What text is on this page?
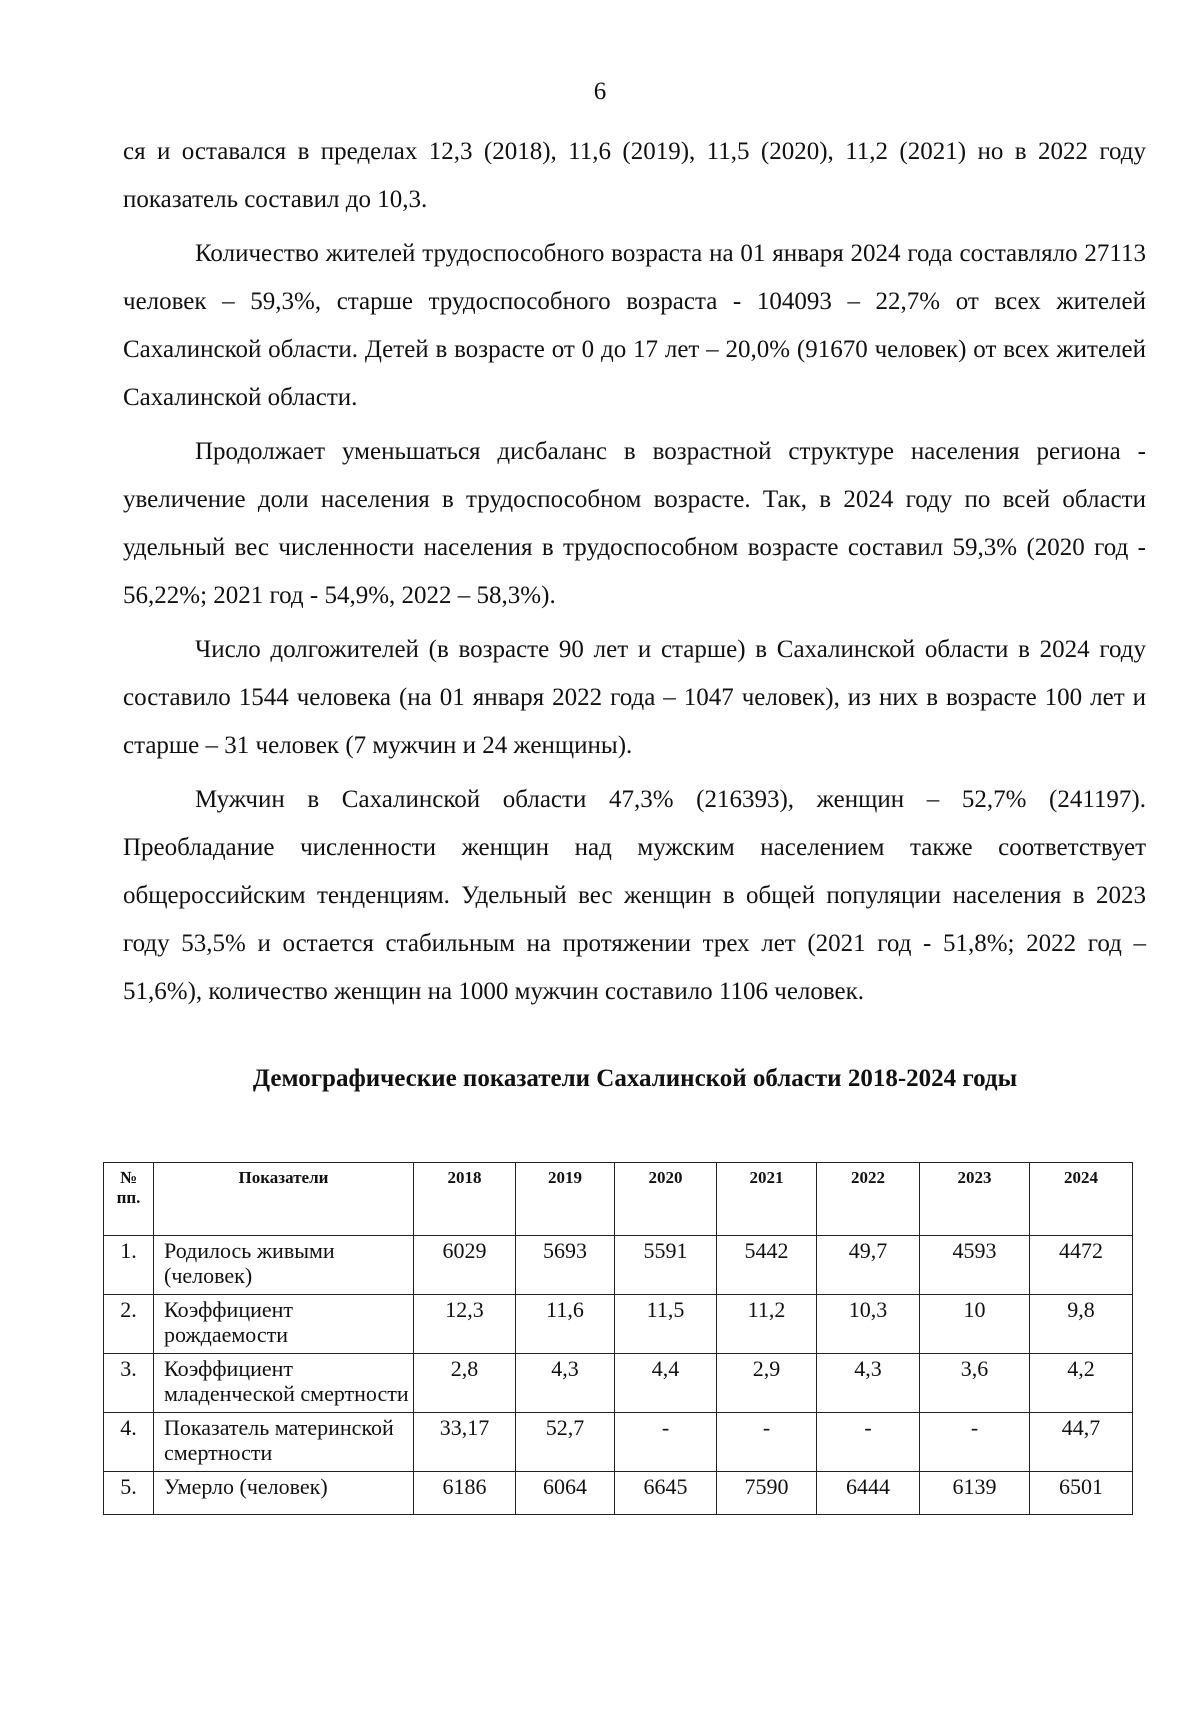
6

ся и оставался в пределах 12,3 (2018), 11,6 (2019), 11,5 (2020), 11,2 (2021) но в 2022 году показатель составил до 10,3.

Количество жителей трудоспособного возраста на 01 января 2024 года составляло 27113 человек – 59,3%, старше трудоспособного возраста - 104093 – 22,7% от всех жителей Сахалинской области. Детей в возрасте от 0 до 17 лет – 20,0% (91670 человек) от всех жителей Сахалинской области.

Продолжает уменьшаться дисбаланс в возрастной структуре населения региона - увеличение доли населения в трудоспособном возрасте. Так, в 2024 году по всей области удельный вес численности населения в трудоспособном возрасте составил 59,3% (2020 год - 56,22%; 2021 год - 54,9%, 2022 – 58,3%).

Число долгожителей (в возрасте 90 лет и старше) в Сахалинской области в 2024 году составило 1544 человека (на 01 января 2022 года – 1047 человек), из них в возрасте 100 лет и старше – 31 человек (7 мужчин и 24 женщины).

Мужчин в Сахалинской области 47,3% (216393), женщин – 52,7% (241197). Преобладание численности женщин над мужским населением также соответствует общероссийским тенденциям. Удельный вес женщин в общей популяции населения в 2023 году 53,5% и остается стабильным на протяжении трех лет (2021 год - 51,8%; 2022 год – 51,6%), количество женщин на 1000 мужчин составило 1106 человек.

Демографические показатели Сахалинской области 2018-2024 годы
№ пп.	Показатели	2018	2019	2020	2021	2022	2023	2024
1.	Родилось живыми (человек)	6029	5693	5591	5442	49,7	4593	4472
2.	Коэффициент рождаемости	12,3	11,6	11,5	11,2	10,3	10	9,8
3.	Коэффициент младенческой смертности	2,8	4,3	4,4	2,9	4,3	3,6	4,2
4.	Показатель материнской смертности	33,17	52,7	-	-	-	-	44,7
5.	Умерло (человек)	6186	6064	6645	7590	6444	6139	6501
